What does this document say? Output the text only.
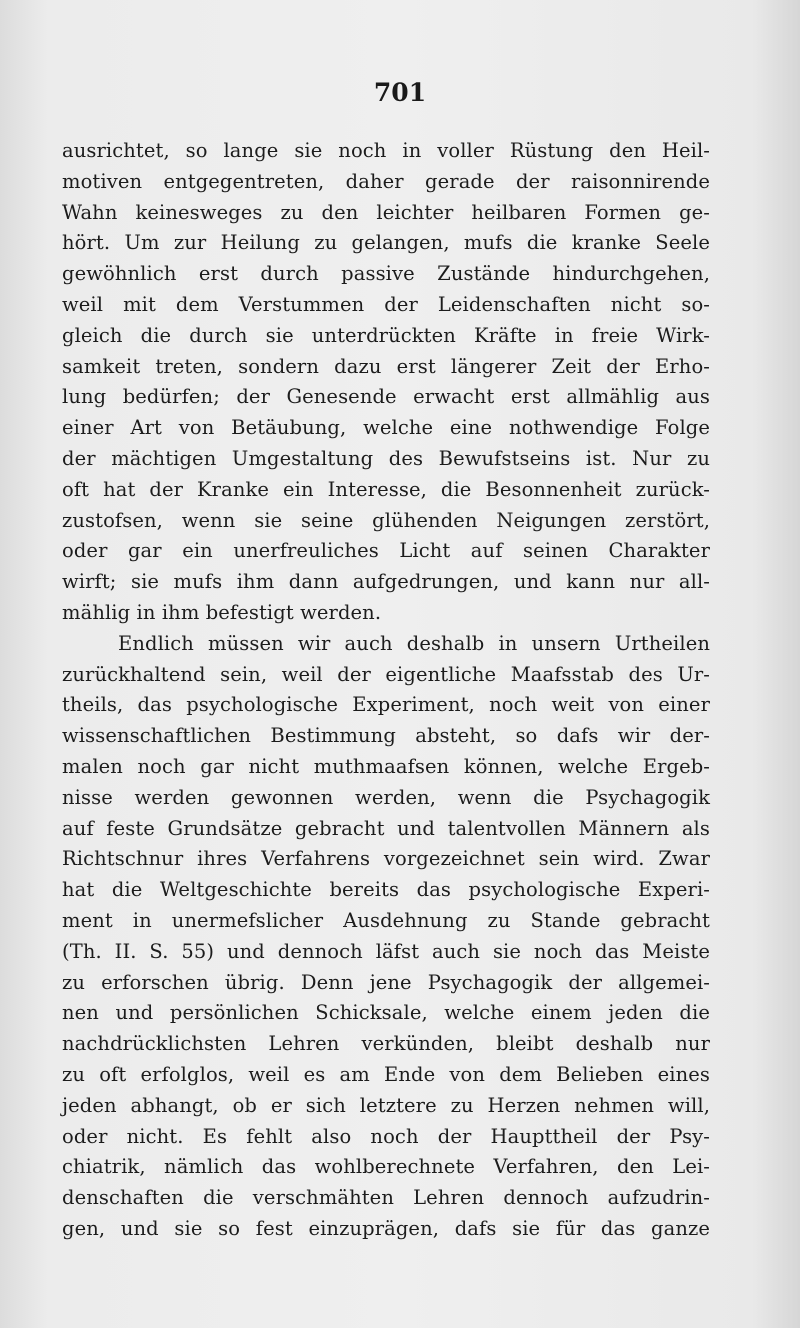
701
ausrichtet, so lange sie noch in voller Rüstung den Heil-
motiven entgegentreten, daher gerade der raisonnirende
Wahn keinesweges zu den leichter heilbaren Formen ge-
hört. Um zur Heilung zu gelangen, mufs die kranke Seele
gewöhnlich erst durch passive Zustände hindurchgehen,
weil mit dem Verstummen der Leidenschaften nicht so-
gleich die durch sie unterdrückten Kräfte in freie Wirk-
samkeit treten, sondern dazu erst längerer Zeit der Erho-
lung bedürfen; der Genesende erwacht erst allmählig aus
einer Art von Betäubung, welche eine nothwendige Folge
der mächtigen Umgestaltung des Bewufstseins ist. Nur zu
oft hat der Kranke ein Interesse, die Besonnenheit zurück-
zustofsen, wenn sie seine glühenden Neigungen zerstört,
oder gar ein unerfreuliches Licht auf seinen Charakter
wirft; sie mufs ihm dann aufgedrungen, und kann nur all-
mählig in ihm befestigt werden.
Endlich müssen wir auch deshalb in unsern Urtheilen
zurückhaltend sein, weil der eigentliche Maafsstab des Ur-
theils, das psychologische Experiment, noch weit von einer
wissenschaftlichen Bestimmung absteht, so dafs wir der-
malen noch gar nicht muthmaafsen können, welche Ergeb-
nisse werden gewonnen werden, wenn die Psychagogik
auf feste Grundsätze gebracht und talentvollen Männern als
Richtschnur ihres Verfahrens vorgezeichnet sein wird. Zwar
hat die Weltgeschichte bereits das psychologische Experi-
ment in unermefslicher Ausdehnung zu Stande gebracht
(Th. II. S. 55) und dennoch läfst auch sie noch das Meiste
zu erforschen übrig. Denn jene Psychagogik der allgemei-
nen und persönlichen Schicksale, welche einem jeden die
nachdrücklichsten Lehren verkünden, bleibt deshalb nur
zu oft erfolglos, weil es am Ende von dem Belieben eines
jeden abhangt, ob er sich letztere zu Herzen nehmen will,
oder nicht. Es fehlt also noch der Haupttheil der Psy-
chiatrik, nämlich das wohlberechnete Verfahren, den Lei-
denschaften die verschmähten Lehren dennoch aufzudrin-
gen, und sie so fest einzuprägen, dafs sie für das ganze
